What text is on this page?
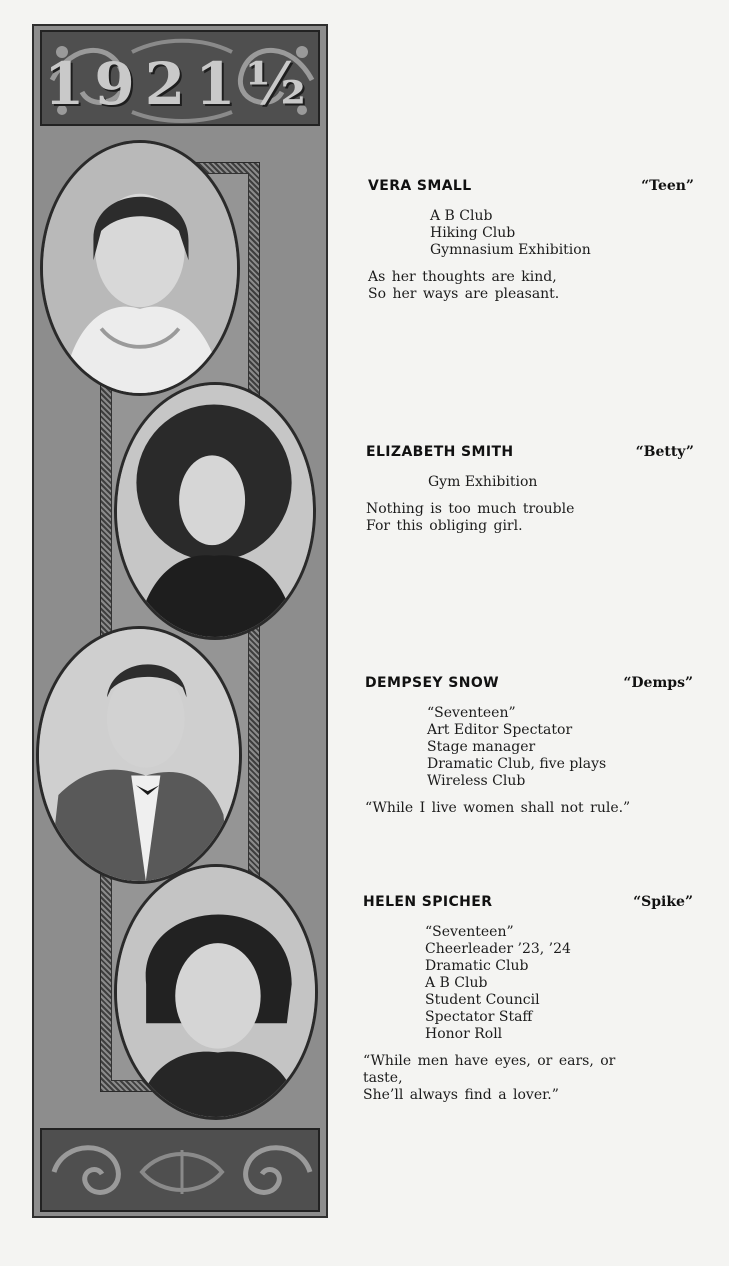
1921½
VERA SMALL	“Teen”
A B Club
Hiking Club
Gymnasium Exhibition
As her thoughts are kind,
So her ways are pleasant.
ELIZABETH SMITH	“Betty”
Gym Exhibition
Nothing is too much trouble
For this obliging girl.
DEMPSEY SNOW	“Demps”
“Seventeen”
Art Editor Spectator
Stage manager
Dramatic Club, five plays
Wireless Club
“While I live women shall not rule.”
HELEN SPICHER	“Spike”
“Seventeen”
Cheerleader ’23, ’24
Dramatic Club
A B Club
Student Council
Spectator Staff
Honor Roll
“While men have eyes, or ears, or
taste,
She’ll always find a lover.”
